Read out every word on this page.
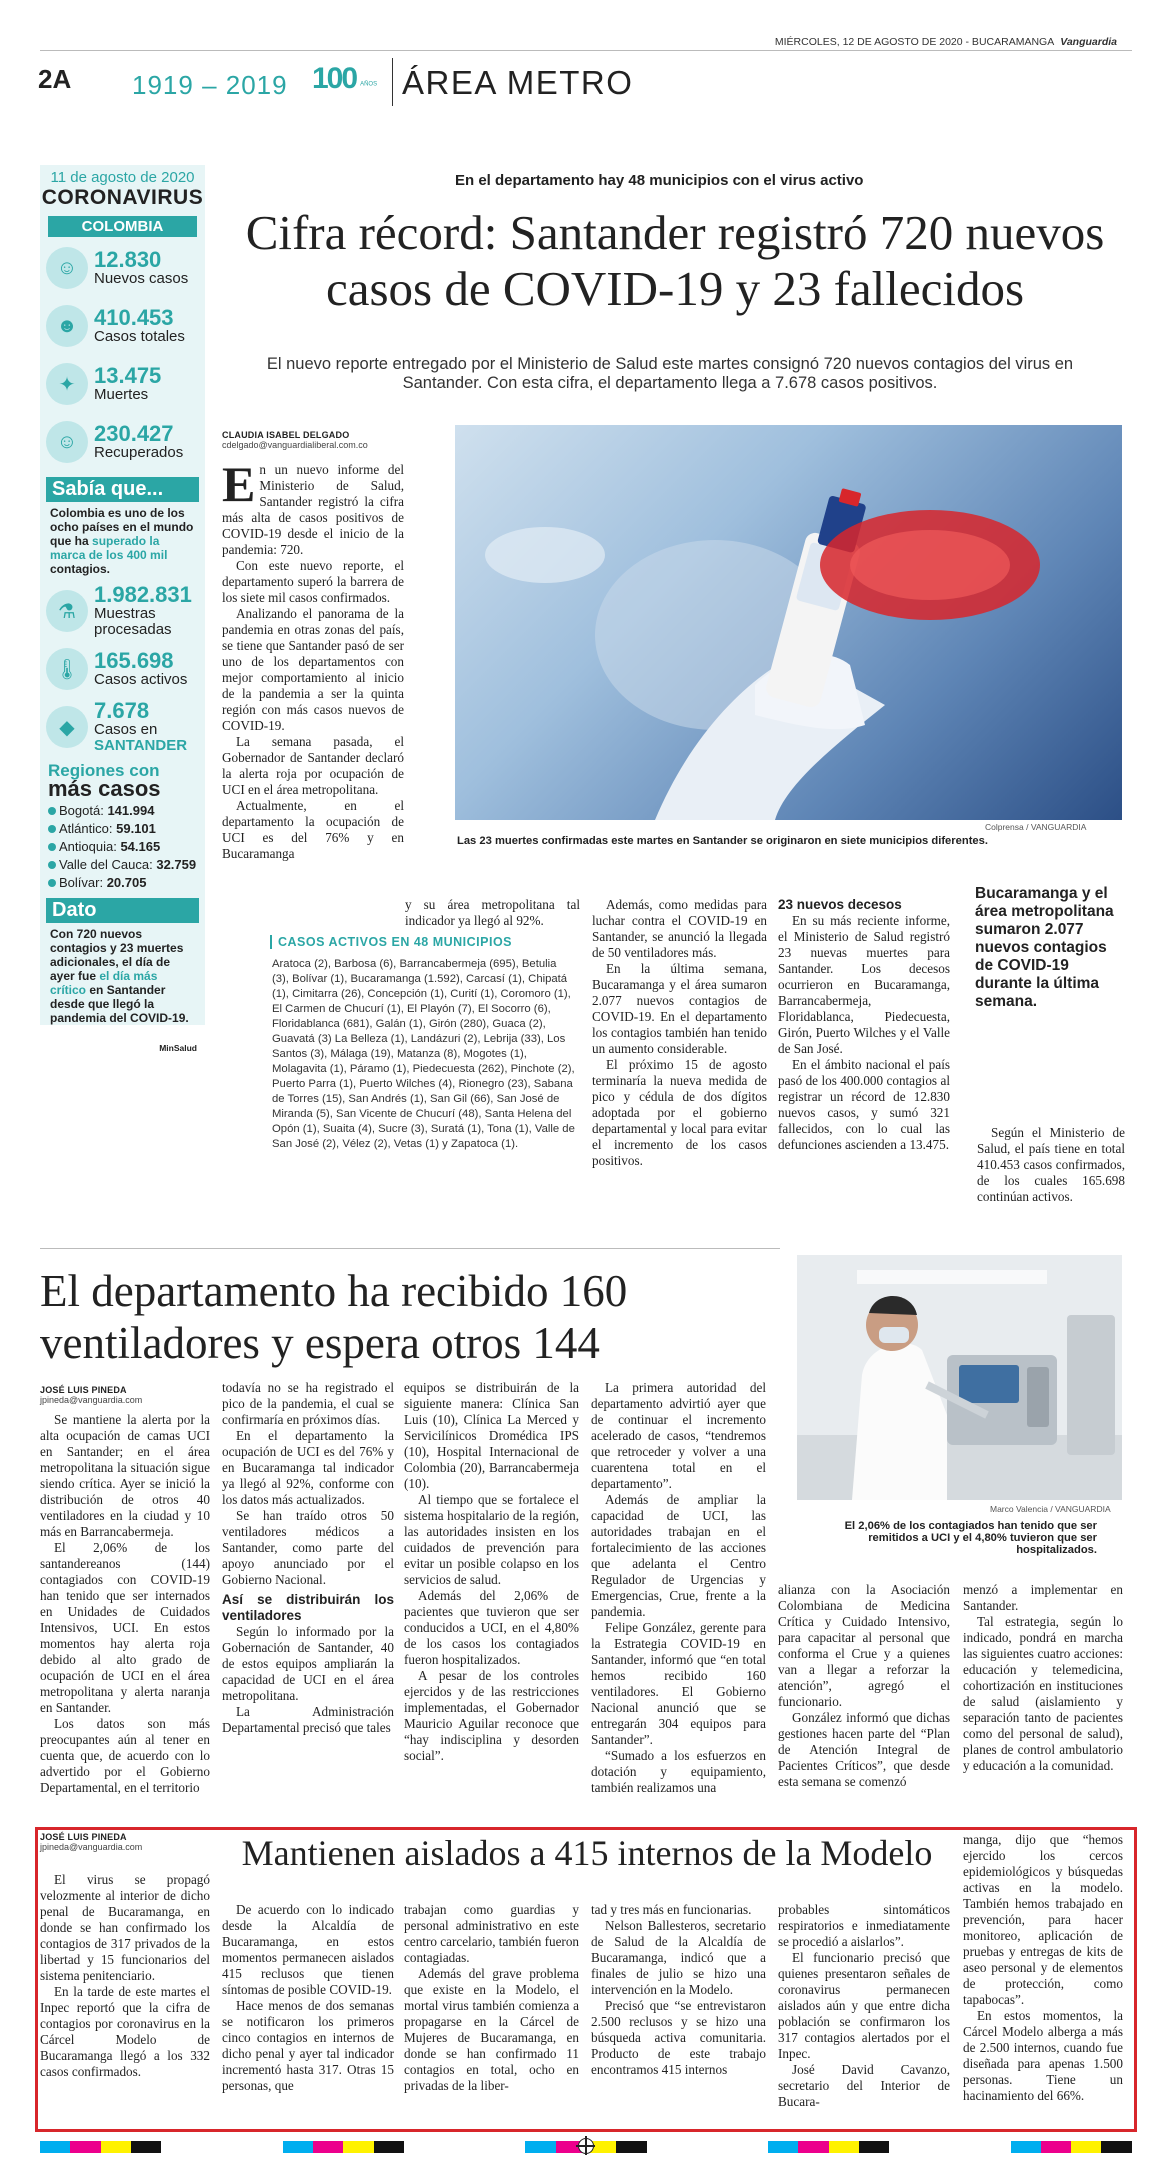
MIÉRCOLES, 12 DE AGOSTO DE 2020 - BUCARAMANGA Vanguardia
2A 1919 – 2019 100 AÑOS ÁREA METRO
11 de agosto de 2020
CORONAVIRUS
COLOMBIA
☺ 12.830
Nuevos casos
☻ 410.453
Casos totales
✦ 13.475
Muertes
☺ 230.427
Recuperados
Sabía que...
Colombia es uno de los ocho países en el mundo que ha superado la marca de los 400 mil contagios.
⚗
1.982.831
Muestras procesadas
🌡 165.698
Casos activos
◆
7.678
Casos en
SANTANDER
Regiones con
más casos
Bogotá: 141.994
Atlántico: 59.101
Antioquia: 54.165
Valle del Cauca: 32.759
Bolívar: 20.705
Dato
Con 720 nuevos contagios y 23 muertes adicionales, el día de ayer fue el día más crítico en Santander desde que llegó la pandemia del COVID-19.
MinSalud
En el departamento hay 48 municipios con el virus activo
Cifra récord: Santander registró 720 nuevos casos de COVID-19 y 23 fallecidos
El nuevo reporte entregado por el Ministerio de Salud este martes consignó 720 nuevos contagios del virus en Santander. Con esta cifra, el departamento llega a 7.678 casos positivos.
CLAUDIA ISABEL DELGADO
cdelgado@vanguardialiberal.com.co
Colprensa / VANGUARDIA
Las 23 muertes confirmadas este martes en Santander se originaron en siete municipios diferentes.

En un nuevo informe del Ministerio de Salud, Santander registró la cifra más alta de casos positivos de COVID-19 desde el inicio de la pandemia: 720.

Con este nuevo reporte, el departamento superó la barrera de los siete mil casos confirmados.

Analizando el panorama de la pandemia en otras zonas del país, se tiene que Santander pasó de ser uno de los departamentos con mejor comportamiento al inicio de la pandemia a ser la quinta región con más casos nuevos de COVID-19.

La semana pasada, el Gobernador de Santander declaró la alerta roja por ocupación de UCI en el área metropolitana.

Actualmente, en el departamento la ocupación de UCI es del 76% y en Bucaramanga

y su área metropolitana tal indicador ya llegó al 92%.

CASOS ACTIVOS EN 48 MUNICIPIOS
Aratoca (2), Barbosa (6), Barrancabermeja (695), Betulia (3), Bolívar (1), Bucaramanga (1.592), Carcasí (1), Chipatá (1), Cimitarra (26), Concepción (1), Curití (1), Coromoro (1), El Carmen de Chucurí (1), El Playón (7), El Socorro (6), Floridablanca (681), Galán (1), Girón (280), Guaca (2), Guavatá (3) La Belleza (1), Landázuri (2), Lebrija (33), Los Santos (3), Málaga (19), Matanza (8), Mogotes (1), Molagavita (1), Páramo (1), Piedecuesta (262), Pinchote (2), Puerto Parra (1), Puerto Wilches (4), Rionegro (23), Sabana de Torres (15), San Andrés (1), San Gil (66), San José de Miranda (5), San Vicente de Chucurí (48), Santa Helena del Opón (1), Suaita (4), Sucre (3), Suratá (1), Tona (1), Valle de San José (2), Vélez (2), Vetas (1) y Zapatoca (1).

Además, como medidas para luchar contra el COVID-19 en Santander, se anunció la llegada de 50 ventiladores más.

En la última semana, Bucaramanga y el área sumaron 2.077 nuevos contagios de COVID-19. En el departamento los contagios también han tenido un aumento considerable.

El próximo 15 de agosto terminaría la nueva medida de pico y cédula de dos dígitos adoptada por el gobierno departamental y local para evitar el incremento de los casos positivos.

23 nuevos decesos

En su más reciente informe, el Ministerio de Salud registró 23 nuevas muertes para Santander. Los decesos ocurrieron en Bucaramanga, Barrancabermeja, Floridablanca, Piedecuesta, Girón, Puerto Wilches y el Valle de San José.

En el ámbito nacional el país pasó de los 400.000 contagios al registrar un récord de 12.830 nuevos casos, y sumó 321 fallecidos, con lo cual las defunciones ascienden a 13.475.

Bucaramanga y el área metropolitana sumaron 2.077 nuevos contagios de COVID-19 durante la última semana.

Según el Ministerio de Salud, el país tiene en total 410.453 casos confirmados, de los cuales 165.698 continúan activos.

El departamento ha recibido 160 ventiladores y espera otros 144
JOSÉ LUIS PINEDA
jpineda@vanguardia.com
Marco Valencia / VANGUARDIA
El 2,06% de los contagiados han tenido que ser remitidos a UCI y el 4,80% tuvieron que ser hospitalizados.

Se mantiene la alerta por la alta ocupación de camas UCI en Santander; en el área metropolitana la situación sigue siendo crítica. Ayer se inició la distribución de otros 40 ventiladores en la ciudad y 10 más en Barrancabermeja.

El 2,06% de los santandereanos (144) contagiados con COVID-19 han tenido que ser internados en Unidades de Cuidados Intensivos, UCI. En estos momentos hay alerta roja debido al alto grado de ocupación de UCI en el área metropolitana y alerta naranja en Santander.

Los datos son más preocupantes aún al tener en cuenta que, de acuerdo con lo advertido por el Gobierno Departamental, en el territorio

todavía no se ha registrado el pico de la pandemia, el cual se confirmaría en próximos días.

En el departamento la ocupación de UCI es del 76% y en Bucaramanga tal indicador ya llegó al 92%, conforme con los datos más actualizados.

Se han traído otros 50 ventiladores médicos a Santander, como parte del apoyo anunciado por el Gobierno Nacional.

Así se distribuirán los ventiladores

Según lo informado por la Gobernación de Santander, 40 de estos equipos ampliarán la capacidad de UCI en el área metropolitana.

La Administración Departamental precisó que tales

equipos se distribuirán de la siguiente manera: Clínica San Luis (10), Clínica La Merced y Servicilínicos Dromédica IPS (10), Hospital Internacional de Colombia (20), Barrancabermeja (10).

Al tiempo que se fortalece el sistema hospitalario de la región, las autoridades insisten en los cuidados de prevención para evitar un posible colapso en los servicios de salud.

Además del 2,06% de pacientes que tuvieron que ser conducidos a UCI, en el 4,80% de los casos los contagiados fueron hospitalizados.

A pesar de los controles ejercidos y de las restricciones implementadas, el Gobernador Mauricio Aguilar reconoce que “hay indisciplina y desorden social”.

La primera autoridad del departamento advirtió ayer que de continuar el incremento acelerado de casos, “tendremos que retroceder y volver a una cuarentena total en el departamento”.

Además de ampliar la capacidad de UCI, las autoridades trabajan en el fortalecimiento de las acciones que adelanta el Centro Regulador de Urgencias y Emergencias, Crue, frente a la pandemia.

Felipe González, gerente para la Estrategia COVID-19 en Santander, informó que “en total hemos recibido 160 ventiladores. El Gobierno Nacional anunció que se entregarán 304 equipos para Santander”.

“Sumado a los esfuerzos en dotación y equipamiento, también realizamos una

alianza con la Asociación Colombiana de Medicina Crítica y Cuidado Intensivo, para capacitar al personal que conforma el Crue y a quienes van a llegar a reforzar la atención”, agregó el funcionario.

González informó que dichas gestiones hacen parte del “Plan de Atención Integral de Pacientes Críticos”, que desde esta semana se comenzó

menzó a implementar en Santander.

Tal estrategia, según lo indicado, pondrá en marcha las siguientes cuatro acciones: educación y telemedicina, cohortización en instituciones de salud (aislamiento y separación tanto de pacientes como del personal de salud), planes de control ambulatorio y educación a la comunidad.

JOSÉ LUIS PINEDA
jpineda@vanguardia.com	Mantienen aislados a 415 internos de la Modelo

El virus se propagó velozmente al interior de dicho penal de Bucaramanga, en donde se han confirmado los contagios de 317 privados de la libertad y 15 funcionarios del sistema penitenciario.

En la tarde de este martes el Inpec reportó que la cifra de contagios por coronavirus en la Cárcel Modelo de Bucaramanga llegó a los 332 casos confirmados.

De acuerdo con lo indicado desde la Alcaldía de Bucaramanga, en estos momentos permanecen aislados 415 reclusos que tienen síntomas de posible COVID-19.

Hace menos de dos semanas se notificaron los primeros cinco contagios en internos de dicho penal y ayer tal indicador incrementó hasta 317. Otras 15 personas, que

trabajan como guardias y personal administrativo en este centro carcelario, también fueron contagiadas.

Además del grave problema que existe en la Modelo, el mortal virus también comienza a propagarse en la Cárcel de Mujeres de Bucaramanga, en donde se han confirmado 11 contagios en total, ocho en privadas de la liber-

tad y tres más en funcionarias.

Nelson Ballesteros, secretario de Salud de la Alcaldía de Bucaramanga, indicó que a finales de julio se hizo una intervención en la Modelo.

Precisó que “se entrevistaron 2.500 reclusos y se hizo una búsqueda activa comunitaria. Producto de este trabajo encontramos 415 internos

probables sintomáticos respiratorios e inmediatamente se procedió a aislarlos”.

El funcionario precisó que quienes presentaron señales de coronavirus permanecen aislados aún y que entre dicha población se confirmaron los 317 contagios alertados por el Inpec.

José David Cavanzo, secretario del Interior de Bucara-

manga, dijo que “hemos ejercido los cercos epidemiológicos y búsquedas activas en la modelo. También hemos trabajado en prevención, para hacer monitoreo, aplicación de pruebas y entregas de kits de aseo personal y de elementos de protección, como tapabocas”.

En estos momentos, la Cárcel Modelo alberga a más de 2.500 internos, cuando fue diseñada para apenas 1.500 personas. Tiene un hacinamiento del 66%.
